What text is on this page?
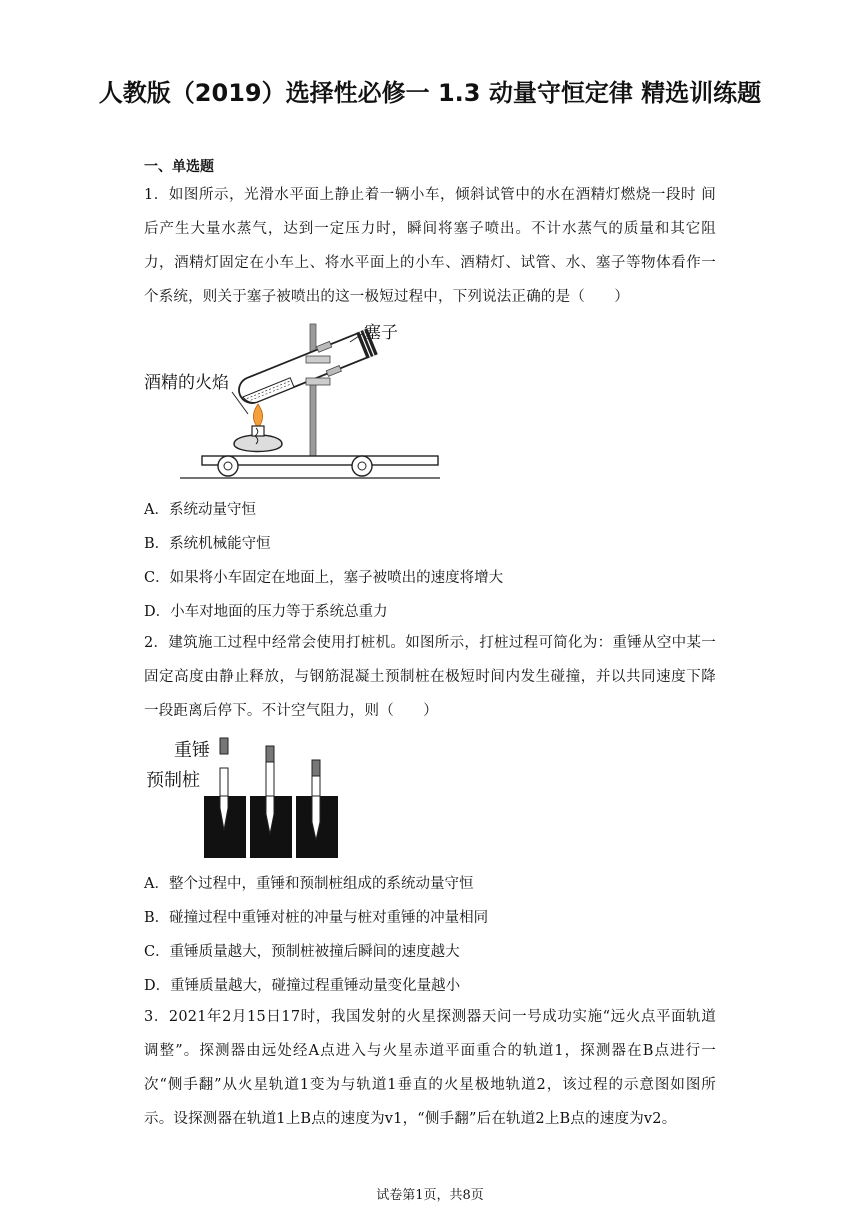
人教版（2019）选择性必修一 1.3 动量守恒定律 精选训练题
一、单选题
1．如图所示，光滑水平面上静止着一辆小车，倾斜试管中的水在酒精灯燃烧一段时 间后产生大量水蒸气，达到一定压力时，瞬间将塞子喷出。不计水蒸气的质量和其它阻力，酒精灯固定在小车上、将水平面上的小车、酒精灯、试管、水、塞子等物体看作一个系统，则关于塞子被喷出的这一极短过程中，下列说法正确的是（　　）
塞子
酒精的火焰
A．系统动量守恒
B．系统机械能守恒
C．如果将小车固定在地面上，塞子被喷出的速度将增大
D．小车对地面的压力等于系统总重力
2．建筑施工过程中经常会使用打桩机。如图所示，打桩过程可简化为：重锤从空中某一固定高度由静止释放，与钢筋混凝土预制桩在极短时间内发生碰撞，并以共同速度下降一段距离后停下。不计空气阻力，则（　　）
重锤
预制桩
A．整个过程中，重锤和预制桩组成的系统动量守恒
B．碰撞过程中重锤对桩的冲量与桩对重锤的冲量相同
C．重锤质量越大，预制桩被撞后瞬间的速度越大
D．重锤质量越大，碰撞过程重锤动量变化量越小
3．2021年2月15日17时，我国发射的火星探测器天问一号成功实施“远火点平面轨道调整”。探测器由远处经A点进入与火星赤道平面重合的轨道1，探测器在B点进行一次“侧手翻”从火星轨道1变为与轨道1垂直的火星极地轨道2，该过程的示意图如图所示。设探测器在轨道1上B点的速度为v1，“侧手翻”后在轨道2上B点的速度为v2。
试卷第1页，共8页
